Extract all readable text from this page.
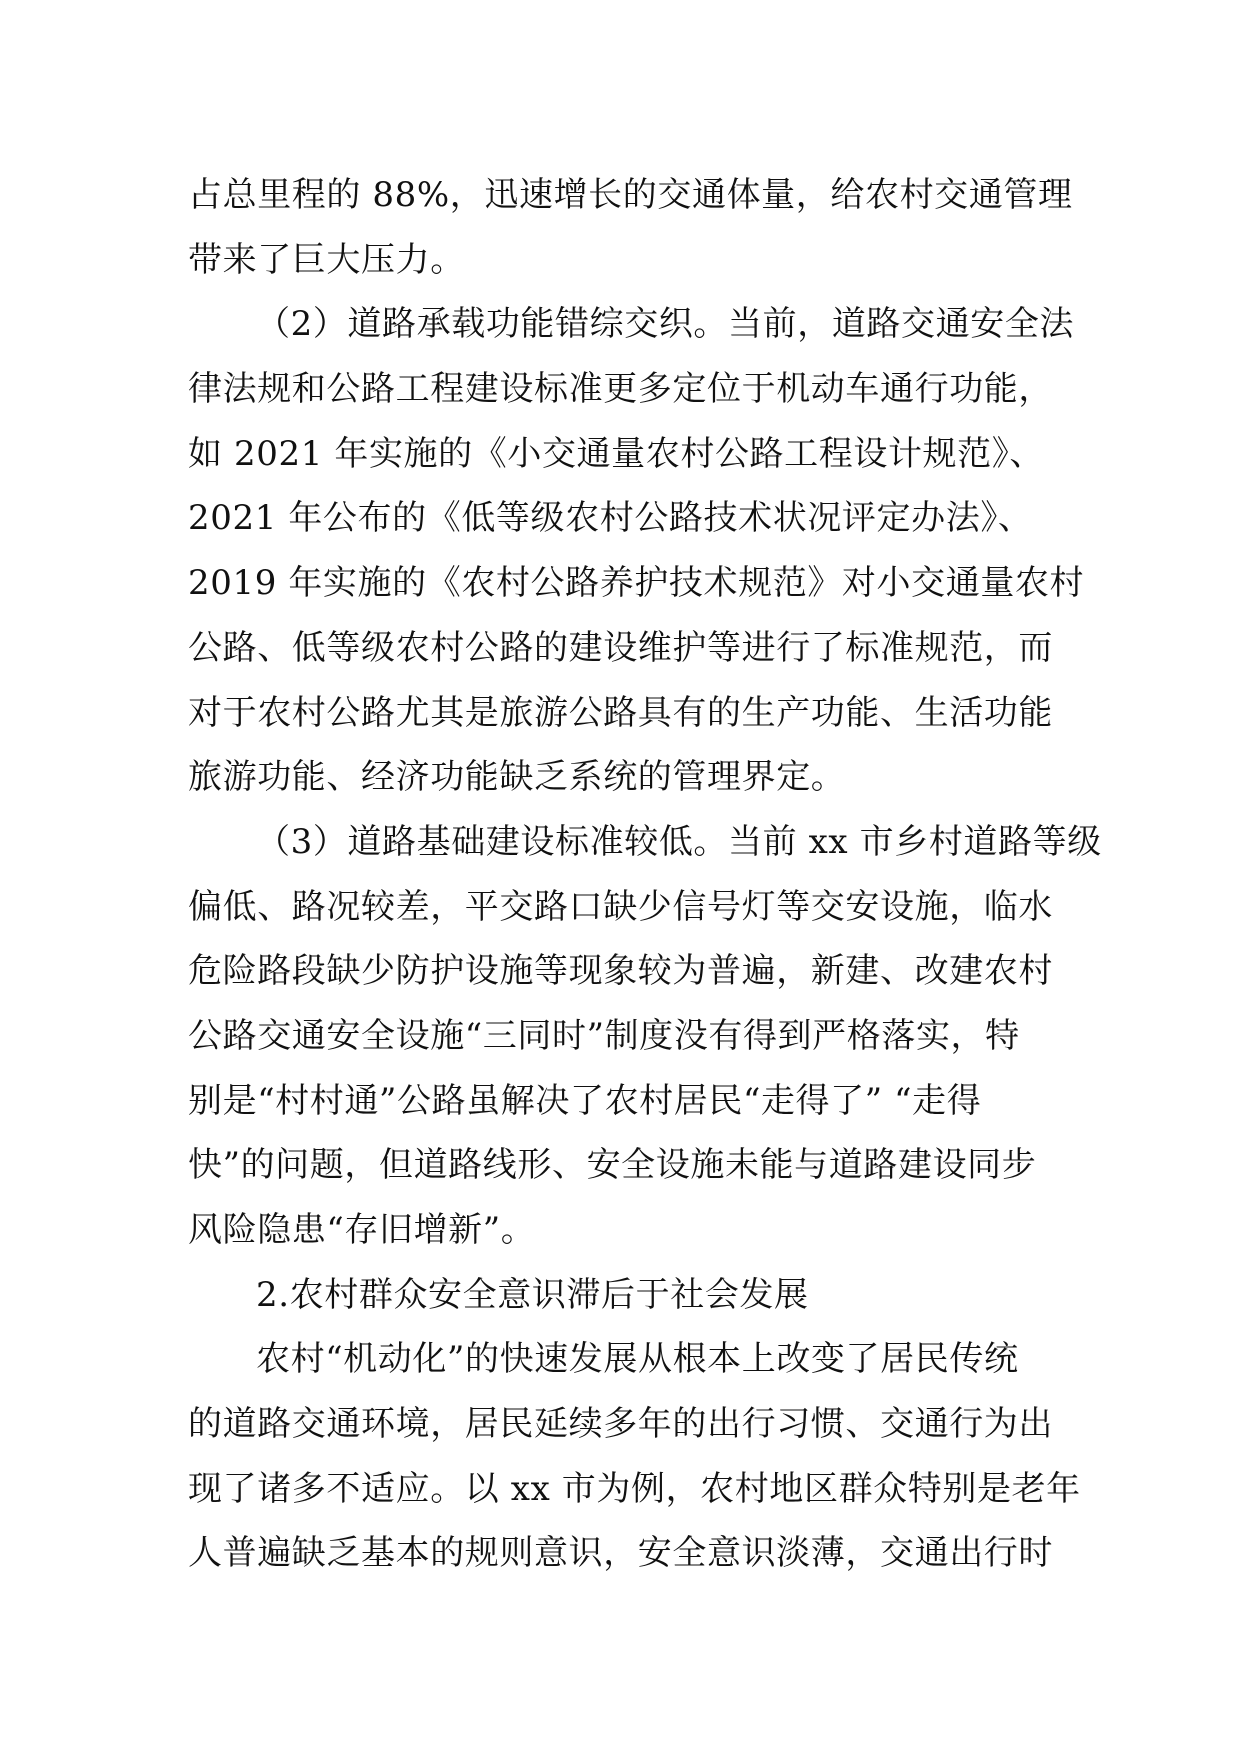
占总里程的 88%，迅速增长的交通体量，给农村交通管理
带来了巨大压力。
（2）道路承载功能错综交织。当前，道路交通安全法
律法规和公路工程建设标准更多定位于机动车通行功能，
如 2021 年实施的《小交通量农村公路工程设计规范》、
2021 年公布的《低等级农村公路技术状况评定办法》、
2019 年实施的《农村公路养护技术规范》对小交通量农村
公路、低等级农村公路的建设维护等进行了标准规范，而
对于农村公路尤其是旅游公路具有的生产功能、生活功能
旅游功能、经济功能缺乏系统的管理界定。
（3）道路基础建设标准较低。当前 xx 市乡村道路等级
偏低、路况较差，平交路口缺少信号灯等交安设施，临水
危险路段缺少防护设施等现象较为普遍，新建、改建农村
公路交通安全设施“三同时”制度没有得到严格落实，特
别是“村村通”公路虽解决了农村居民“走得了” “走得
快”的问题，但道路线形、安全设施未能与道路建设同步
风险隐患“存旧增新”。
2.农村群众安全意识滞后于社会发展
农村“机动化”的快速发展从根本上改变了居民传统
的道路交通环境，居民延续多年的出行习惯、交通行为出
现了诸多不适应。以 xx 市为例，农村地区群众特别是老年
人普遍缺乏基本的规则意识，安全意识淡薄，交通出行时
